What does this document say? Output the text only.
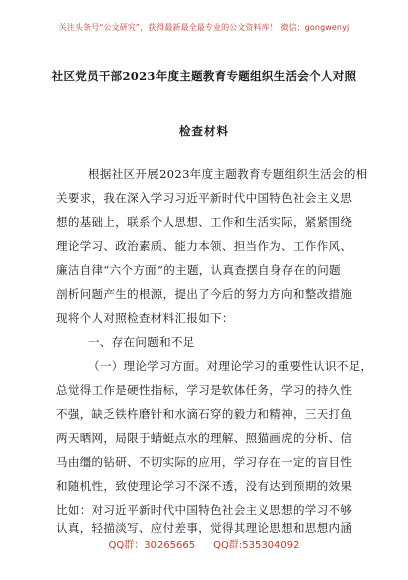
关注头条号“公文研究”，获得最新最全最专业的公文资料库！ 微信：gongwenyj
社区党员干部2023年度主题教育专题组织生活会个人对照
检查材料
根据社区开展2023年度主题教育专题组织生活会的相
关要求，我在深入学习习近平新时代中国特色社会主义思
想的基础上，联系个人思想、工作和生活实际，紧紧围绕
理论学习、政治素质、能力本领、担当作为、工作作风、
廉洁自律“六个方面”的主题，认真查摆自身存在的问题
剖析问题产生的根源，提出了今后的努力方向和整改措施
现将个人对照检查材料汇报如下：
一、存在问题和不足
（一）理论学习方面。对理论学习的重要性认识不足，
总觉得工作是硬性指标，学习是软体任务，学习的持久性
不强，缺乏铁杵磨针和水滴石穿的毅力和精神，三天打鱼
两天晒网，局限于蜻蜓点水的理解、照猫画虎的分析、信
马由缰的钻研、不切实际的应用，学习存在一定的盲目性
和随机性，致使理论学习不深不透，没有达到预期的效果
比如：对习近平新时代中国特色社会主义思想的学习不够
认真，轻描淡写、应付差事，觉得其理论思想和思想内涵
QQ群：30265665 QQ群:535304092
